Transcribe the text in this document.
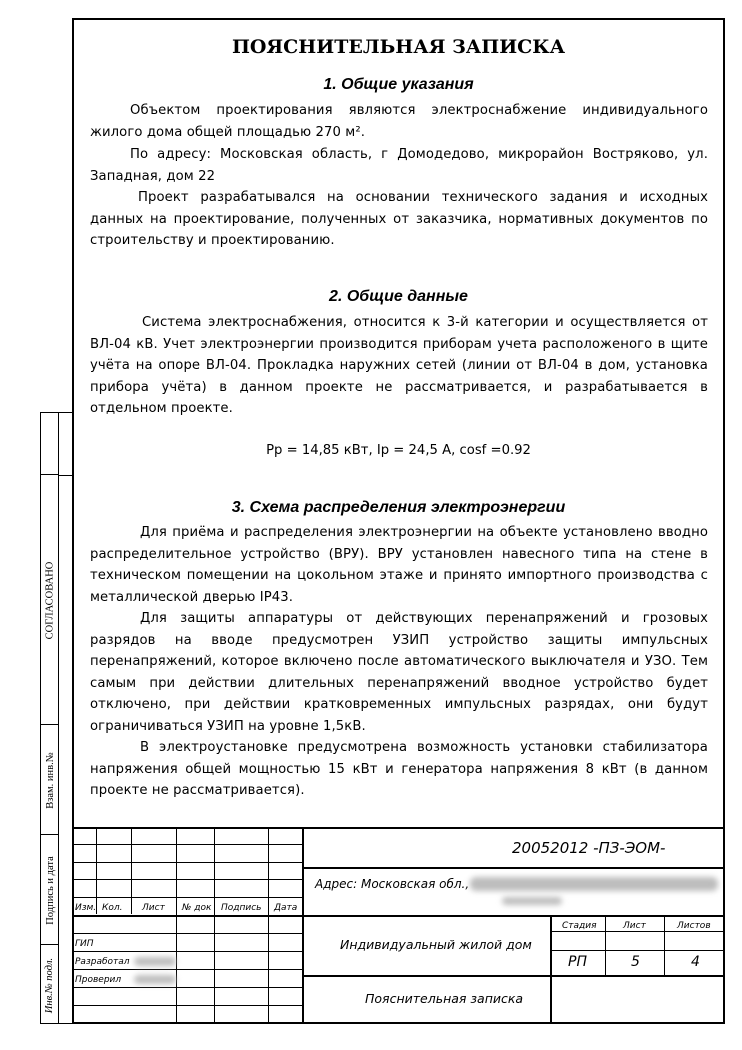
ПОЯСНИТЕЛЬНАЯ ЗАПИСКА
1. Общие указания
Объектом проектирования являются электроснабжение индивидуального жилого дома общей площадью 270 м².
По адресу: Московская область, г Домодедово, микрорайон Востряково, ул. Западная, дом 22
Проект разрабатывался на основании технического задания и исходных данных на проектирование, полученных от заказчика, нормативных документов по строительству и проектированию.
2. Общие данные
Система электроснабжения, относится к 3-й категории и осуществляется от ВЛ-04 кВ. Учет электроэнергии производится приборам учета расположеного в щите учёта на опоре ВЛ-04. Прокладка наружних сетей (линии от ВЛ-04 в дом, установка прибора учёта) в данном проекте не рассматривается, и разрабатывается в отдельном проекте.
Рр = 14,85 кВт, Iр = 24,5 А, cosf =0.92
3. Схема распределения электроэнергии
Для приёма и распределения электроэнергии на объекте установлено вводно распределительное устройство (ВРУ). ВРУ установлен навесного типа на стене в техническом помещении на цокольном этаже и принято импортного производства с металлической дверью IP43.
Для защиты аппаратуры от действующих перенапряжений и грозовых разрядов на вводе предусмотрен УЗИП устройство защиты импульсных перенапряжений, которое включено после автоматического выключателя и УЗО. Тем самым при действии длительных перенапряжений вводное устройство будет отключено, при действии кратковременных импульсных разрядах, они будут ограничиваться УЗИП на уровне 1,5кВ.
В электроустановке предусмотрена возможность установки стабилизатора напряжения общей мощностью 15 кВт и генератора напряжения 8 кВт (в данном проекте не рассматривается).
СОГЛАСОВАНО
Взам. инв.№
Подпись и дата
Инв.№ подл.
Изм. Кол. Лист № док Подпись Дата
ГИП
Разработал
Проверил
20052012 -ПЗ-ЭОМ-
Адрес: Московская обл.,
Индивидуальный жилой дом
Пояснительная записка
Стадия	Лист	Листов
РП	5	4
